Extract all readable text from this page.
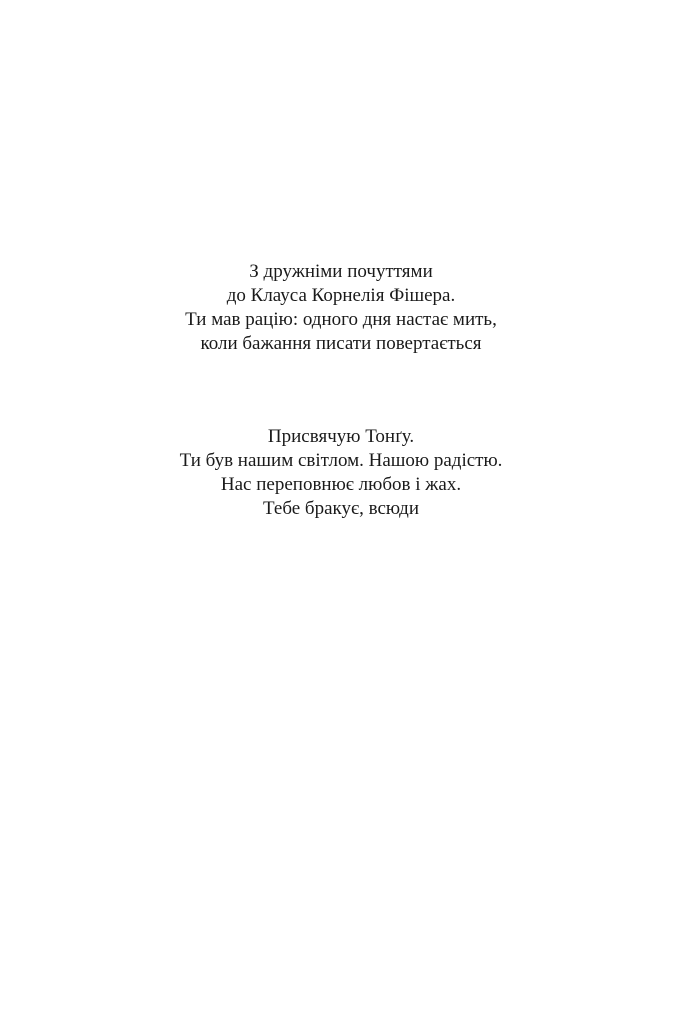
З дружніми почуттями
до Клауса Корнелія Фішера.
Ти мав рацію: одного дня настає мить,
коли бажання писати повертається
Присвячую Тонґу.
Ти був нашим світлом. Нашою радістю.
Нас переповнює любов і жах.
Тебе бракує, всюди
